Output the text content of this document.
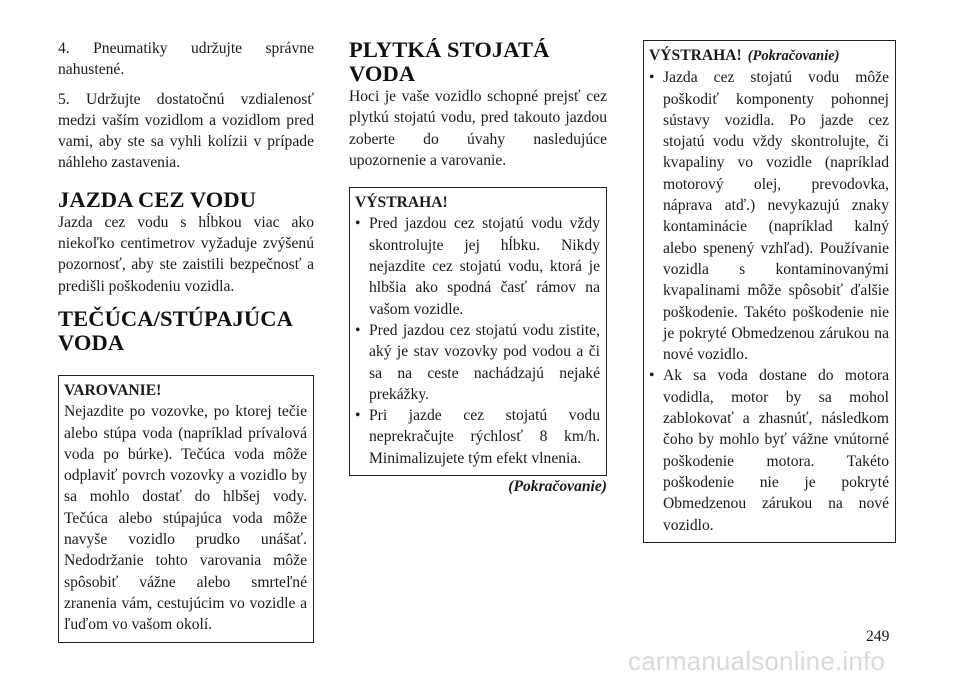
4. Pneumatiky udržujte správne nahustené.

5. Udržujte dostatočnú vzdialenosť medzi vaším vozidlom a vozidlom pred vami, aby ste sa vyhli kolízii v prípade náhleho zastavenia.

JAZDA CEZ VODU

Jazda cez vodu s hĺbkou viac ako niekoľko centimetrov vyžaduje zvýšenú pozornosť, aby ste zaistili bezpečnosť a predišli poškodeniu vozidla.

TEČÚCA/STÚPAJÚCA VODA
VAROVANIE!

Nejazdite po vozovke, po ktorej tečie alebo stúpa voda (napríklad prívalová voda po búrke). Tečúca voda môže odplaviť povrch vozovky a vozidlo by sa mohlo dostať do hlbšej vody. Tečúca alebo stúpajúca voda môže navyše vozidlo prudko unášať. Nedodržanie tohto varovania môže spôsobiť vážne alebo smrteľné zranenia vám, cestujúcim vo vozidle a ľuďom vo vašom okolí.

PLYTKÁ STOJATÁ VODA

Hoci je vaše vozidlo schopné prejsť cez plytkú stojatú vodu, pred takouto jazdou zoberte do úvahy nasledujúce upozornenie a varovanie.

VÝSTRAHA!
• Pred jazdou cez stojatú vodu vždy skontrolujte jej hĺbku. Nikdy nejazdite cez stojatú vodu, ktorá je hlbšia ako spodná časť rámov na vašom vozidle.
• Pred jazdou cez stojatú vodu zistite, aký je stav vozovky pod vodou a či sa na ceste nachádzajú nejaké prekážky.
• Pri jazde cez stojatú vodu neprekračujte rýchlosť 8 km/h. Minimalizujete tým efekt vlnenia.
(Pokračovanie)
VÝSTRAHA! (Pokračovanie)
• Jazda cez stojatú vodu môže poškodiť komponenty pohonnej sústavy vozidla. Po jazde cez stojatú vodu vždy skontrolujte, či kvapaliny vo vozidle (napríklad motorový olej, prevodovka, náprava atď.) nevykazujú znaky kontaminácie (napríklad kalný alebo spenený vzhľad). Používanie vozidla s kontaminovanými kvapalinami môže spôsobiť ďalšie poškodenie. Takéto poškodenie nie je pokryté Obmedzenou zárukou na nové vozidlo.
• Ak sa voda dostane do motora vodidla, motor by sa mohol zablokovať a zhasnúť, následkom čoho by mohlo byť vážne vnútorné poškodenie motora. Takéto poškodenie nie je pokryté Obmedzenou zárukou na nové vozidlo.
249
carmanualsonline.info
